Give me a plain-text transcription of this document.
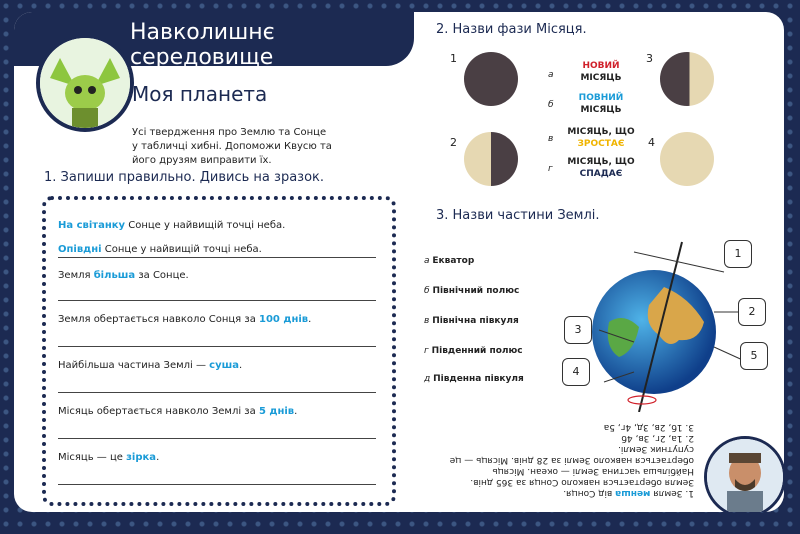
Навколишнє середовище
Моя планета
Усі твердження про Землю та Сонце у табличці хибні. Допоможи Квусю та його друзям виправити їх.
1. Запиши правильно. Дивись на зразок.
На світанку Сонце у найвищій точці неба.
Опівдні Сонце у найвищій точці неба.
Земля більша за Сонце.
Земля обертається навколо Сонця за 100 днів.
Найбільша частина Землі — суша.
Місяць обертається навколо Землі за 5 днів.
Місяць — це зірка.
2. Назви фази Місяця.
1
2
3
4
а
НОВИЙ
МІСЯЦЬ
б
ПОВНИЙ
МІСЯЦЬ
в
МІСЯЦЬ, ЩО
ЗРОСТАЄ
г
МІСЯЦЬ, ЩО
СПАДАЄ
3. Назви частини Землі.
а Екватор
б Північний полюс
в Північна півкуля
г Південний полюс
д Південна півкуля
1
2
3
4
5
1. Земля менша від Сонця.
Земля обертається навколо Сонця за 365 днів. Найбільша частина Землі — океан. Місяць обертається навколо Землі за 28 днів. Місяць — це супутник Землі.
2. 1а, 2г, 3в, 4б
3. 1б, 2в, 3д, 4г, 5а
